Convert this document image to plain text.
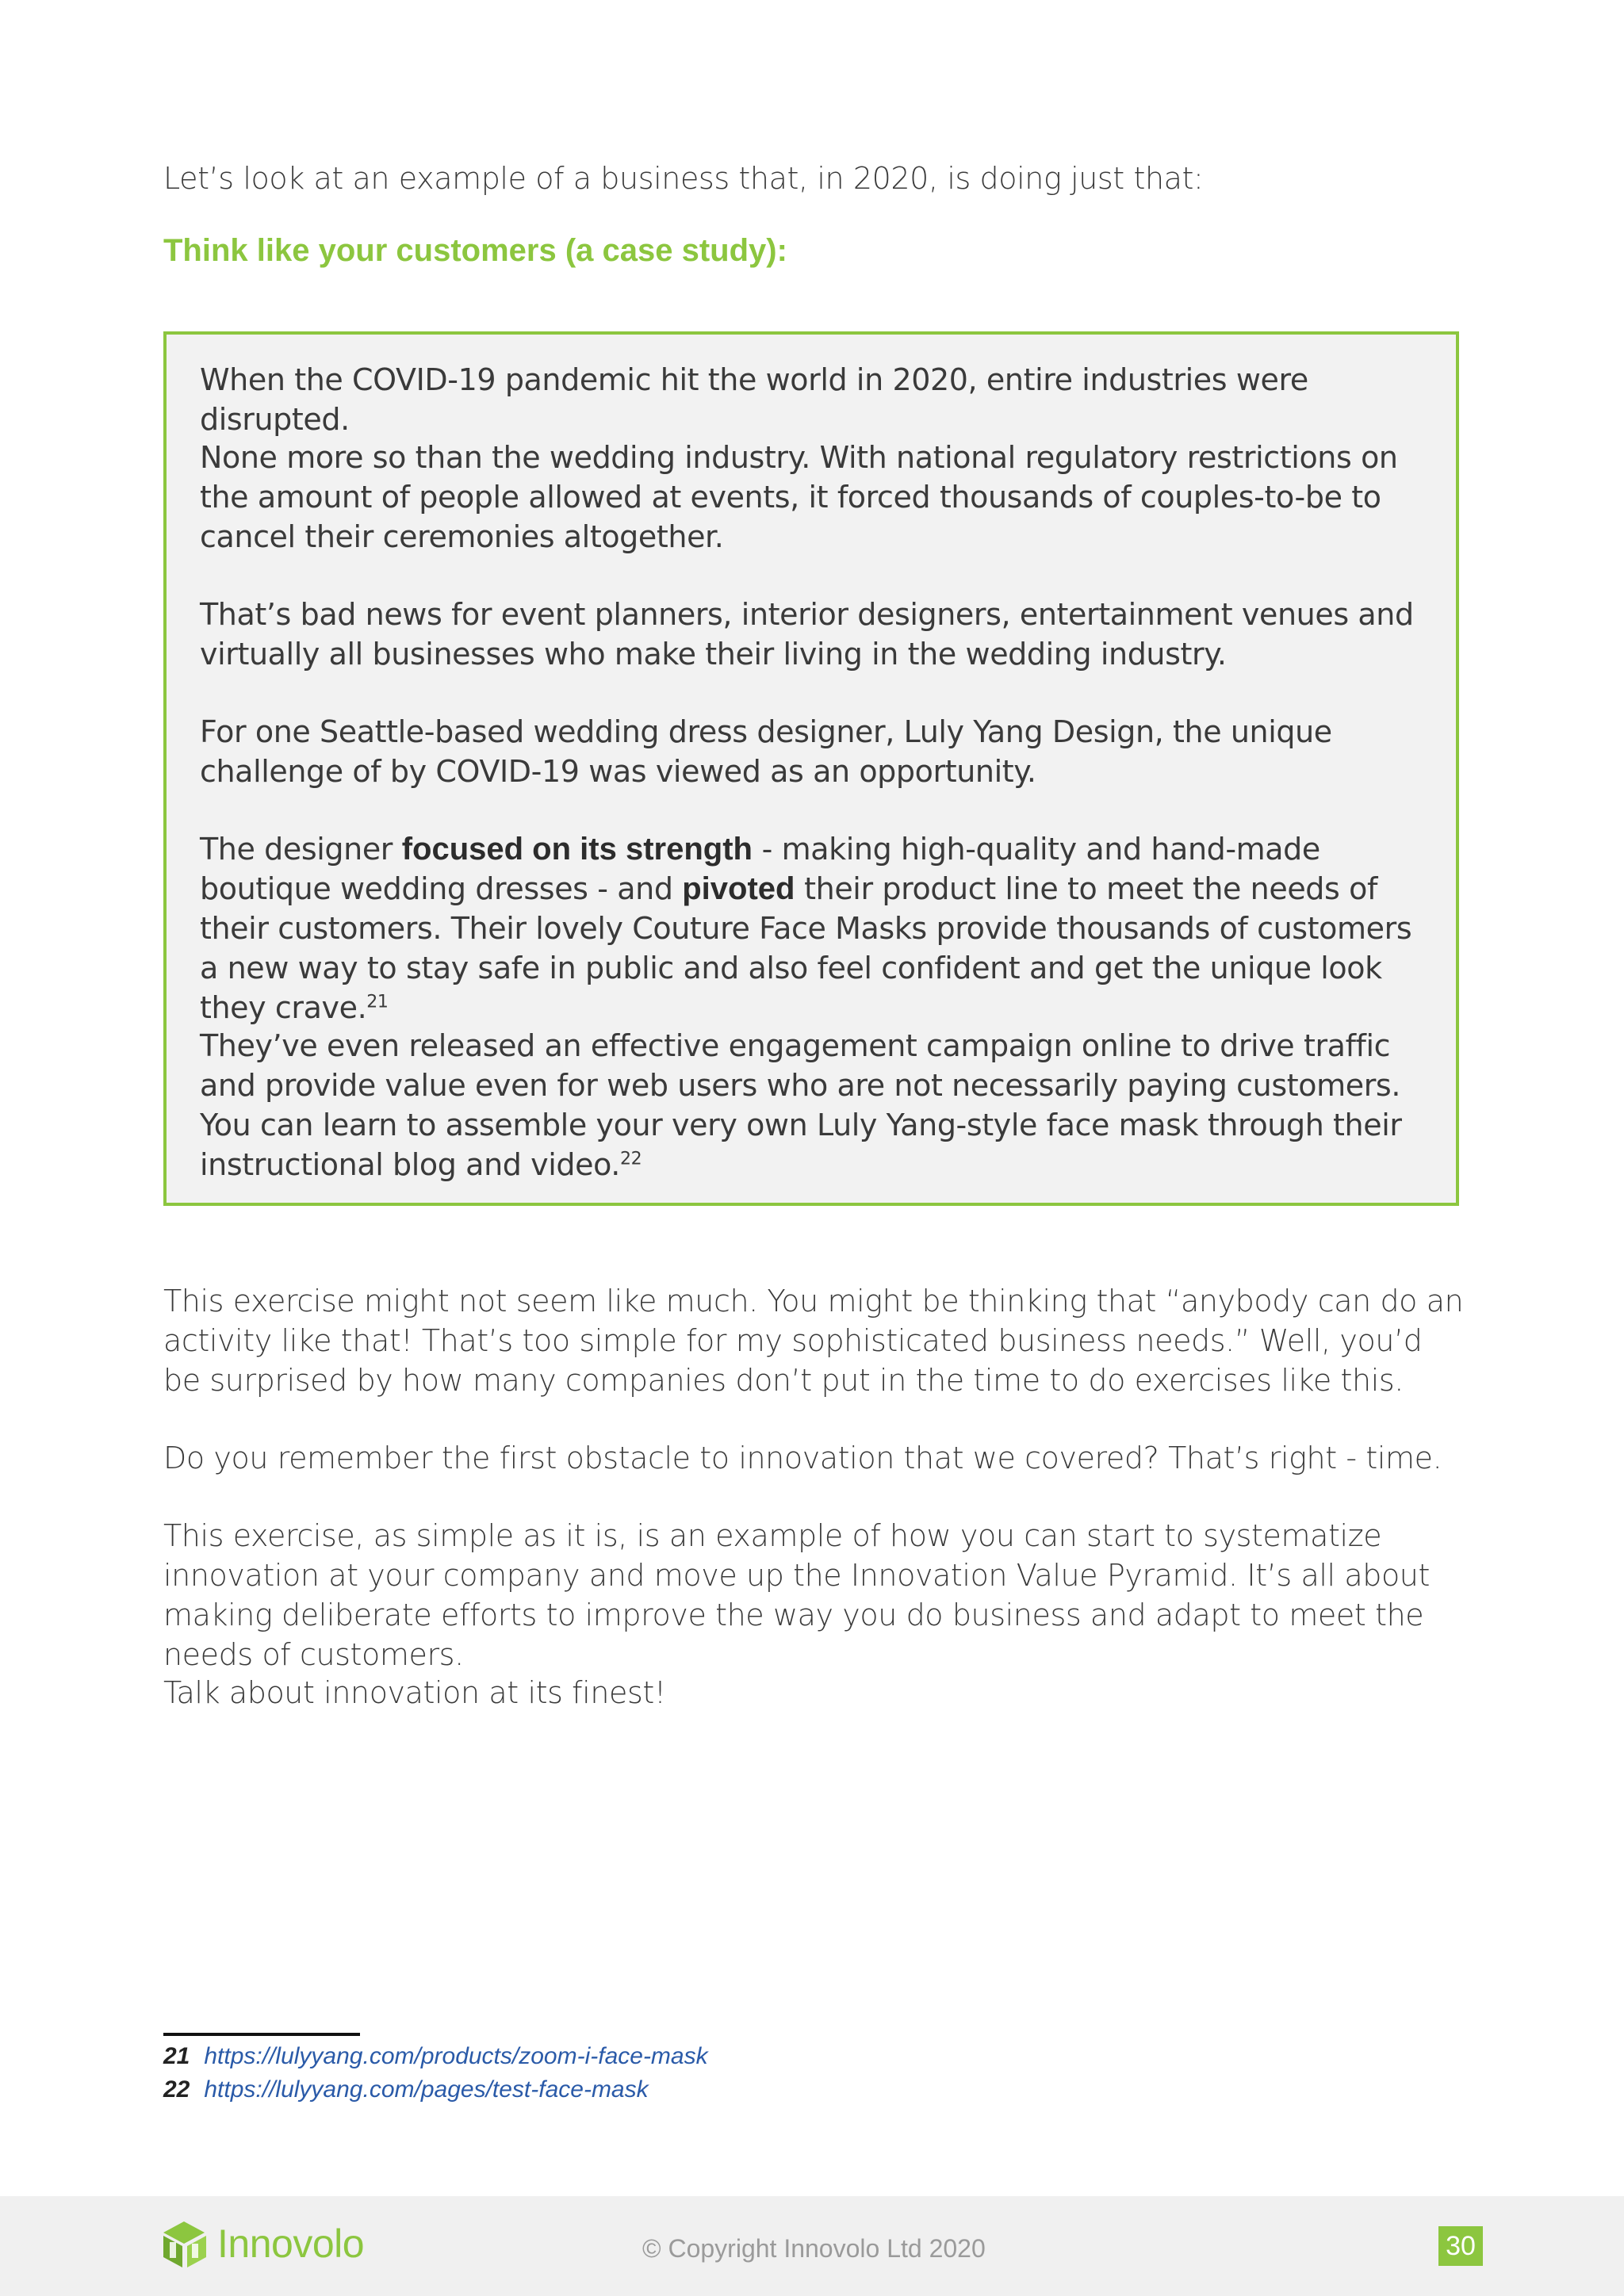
Let’s look at an example of a business that, in 2020, is doing just that:

Think like your customers (a case study):

When the COVID-19 pandemic hit the world in 2020, entire industries were disrupted.

None more so than the wedding industry. With national regulatory restrictions on the amount of people allowed at events, it forced thousands of couples-to-be to cancel their ceremonies altogether.

That’s bad news for event planners, interior designers, entertainment venues and virtually all businesses who make their living in the wedding industry.

For one Seattle-based wedding dress designer, Luly Yang Design, the unique challenge of by COVID-19 was viewed as an opportunity.

The designer focused on its strength - making high-quality and hand-made boutique wedding dresses - and pivoted their product line to meet the needs of their customers. Their lovely Couture Face Masks provide thousands of customers a new way to stay safe in public and also feel confident and get the unique look they crave.$^{21}$

They’ve even released an effective engagement campaign online to drive traffic and provide value even for web users who are not necessarily paying customers. You can learn to assemble your very own Luly Yang-style face mask through their instructional blog and video.$^{22}$

This exercise might not seem like much. You might be thinking that “anybody can do an activity like that! That’s too simple for my sophisticated business needs.” Well, you’d be surprised by how many companies don’t put in the time to do exercises like this.

Do you remember the first obstacle to innovation that we covered? That’s right - time.

This exercise, as simple as it is, is an example of how you can start to systematize innovation at your company and move up the Innovation Value Pyramid. It’s all about making deliberate efforts to improve the way you do business and adapt to meet the needs of customers.

Talk about innovation at its finest!

21 https://lulyyang.com/products/zoom-i-face-mask
22 https://lulyyang.com/pages/test-face-mask
Innovolo	© Copyright Innovolo Ltd 2020	30
